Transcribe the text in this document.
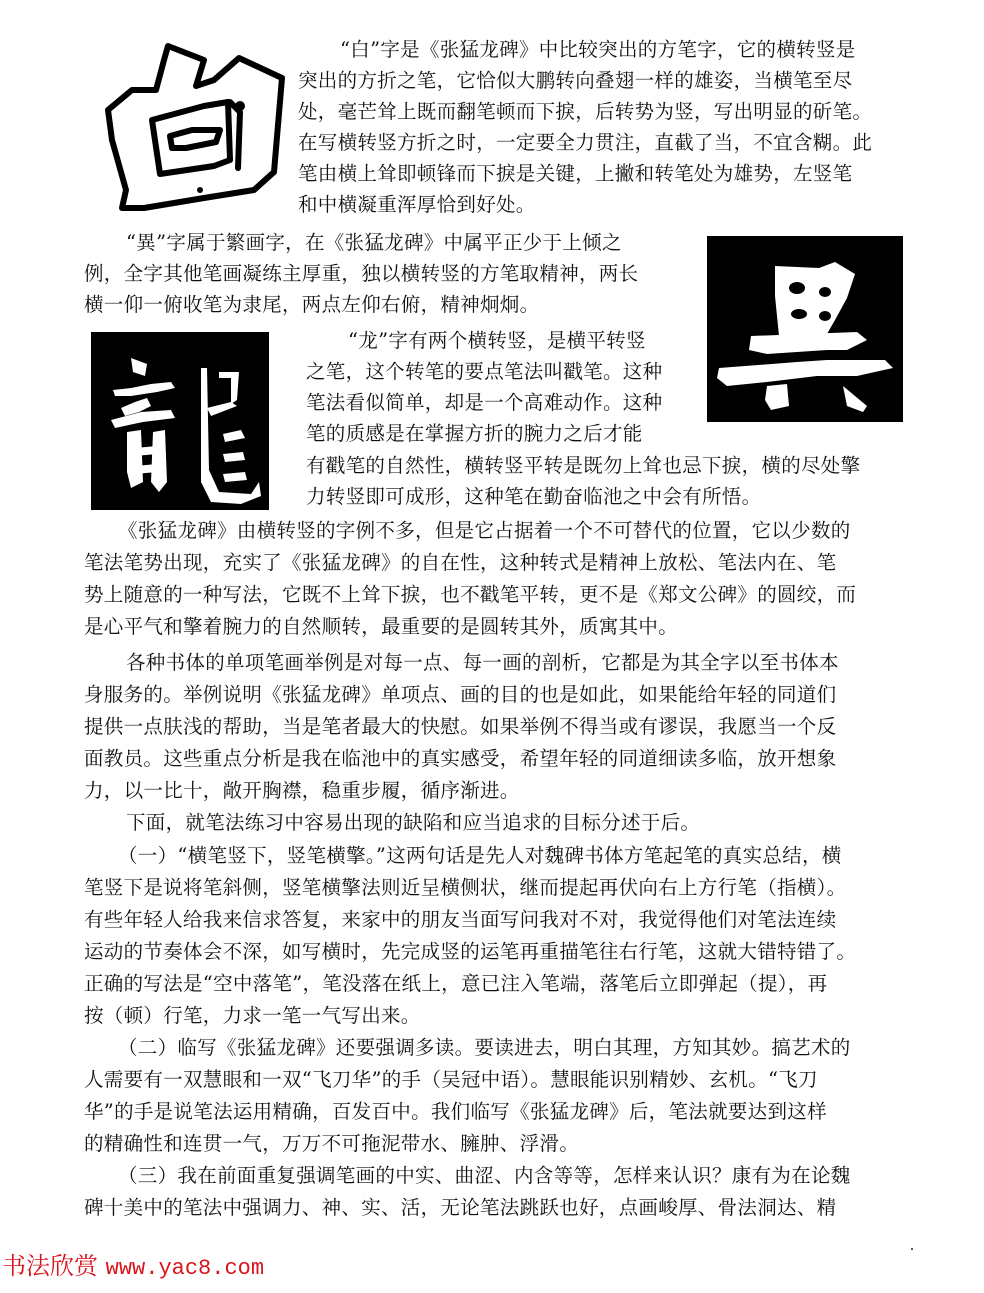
“白”字是《张猛龙碑》中比较突出的方笔字，它的横转竖是
突出的方折之笔，它恰似大鹏转向叠翅一样的雄姿，当横笔至尽
处，毫芒耸上既而翻笔顿而下捩，后转势为竖，写出明显的斫笔。
在写横转竖方折之时，一定要全力贯注，直截了当，不宜含糊。此
笔由横上耸即顿锋而下捩是关键，上撇和转笔处为雄势，左竖笔
和中横凝重浑厚恰到好处。
“異”字属于繁画字，在《张猛龙碑》中属平正少于上倾之
例，全字其他笔画凝练主厚重，独以横转竖的方笔取精神，两长
横一仰一俯收笔为隶尾，两点左仰右俯，精神炯炯。
“龙”字有两个横转竖，是横平转竖
之笔，这个转笔的要点笔法叫戳笔。这种
笔法看似简单，却是一个高难动作。这种
笔的质感是在掌握方折的腕力之后才能
有戳笔的自然性，横转竖平转是既勿上耸也忌下捩，横的尽处擎
力转竖即可成形，这种笔在勤奋临池之中会有所悟。
《张猛龙碑》由横转竖的字例不多，但是它占据着一个不可替代的位置，它以少数的
笔法笔势出现，充实了《张猛龙碑》的自在性，这种转式是精神上放松、笔法内在、笔
势上随意的一种写法，它既不上耸下捩，也不戳笔平转，更不是《郑文公碑》的圆绞，而
是心平气和擎着腕力的自然顺转，最重要的是圆转其外，质寓其中。
各种书体的单项笔画举例是对每一点、每一画的剖析，它都是为其全字以至书体本
身服务的。举例说明《张猛龙碑》单项点、画的目的也是如此，如果能给年轻的同道们
提供一点肤浅的帮助，当是笔者最大的快慰。如果举例不得当或有谬误，我愿当一个反
面教员。这些重点分析是我在临池中的真实感受，希望年轻的同道细读多临，放开想象
力，以一比十，敞开胸襟，稳重步履，循序渐进。
下面，就笔法练习中容易出现的缺陷和应当追求的目标分述于后。
（一）“横笔竖下，竖笔横擎。”这两句话是先人对魏碑书体方笔起笔的真实总结，横
笔竖下是说将笔斜侧，竖笔横擎法则近呈横侧状，继而提起再伏向右上方行笔（指横）。
有些年轻人给我来信求答复，来家中的朋友当面写问我对不对，我觉得他们对笔法连续
运动的节奏体会不深，如写横时，先完成竖的运笔再重描笔往右行笔，这就大错特错了。
正确的写法是“空中落笔”，笔没落在纸上，意已注入笔端，落笔后立即弹起（提），再
按（顿）行笔，力求一笔一气写出来。
（二）临写《张猛龙碑》还要强调多读。要读进去，明白其理，方知其妙。搞艺术的
人需要有一双慧眼和一双“飞刀华”的手（吴冠中语）。慧眼能识别精妙、玄机。“飞刀
华”的手是说笔法运用精确，百发百中。我们临写《张猛龙碑》后，笔法就要达到这样
的精确性和连贯一气，万万不可拖泥带水、臃肿、浮滑。
（三）我在前面重复强调笔画的中实、曲涩、内含等等，怎样来认识？康有为在论魏
碑十美中的笔法中强调力、神、实、活，无论笔法跳跃也好，点画峻厚、骨法洞达、精
书法欣赏 www.yac8.com
